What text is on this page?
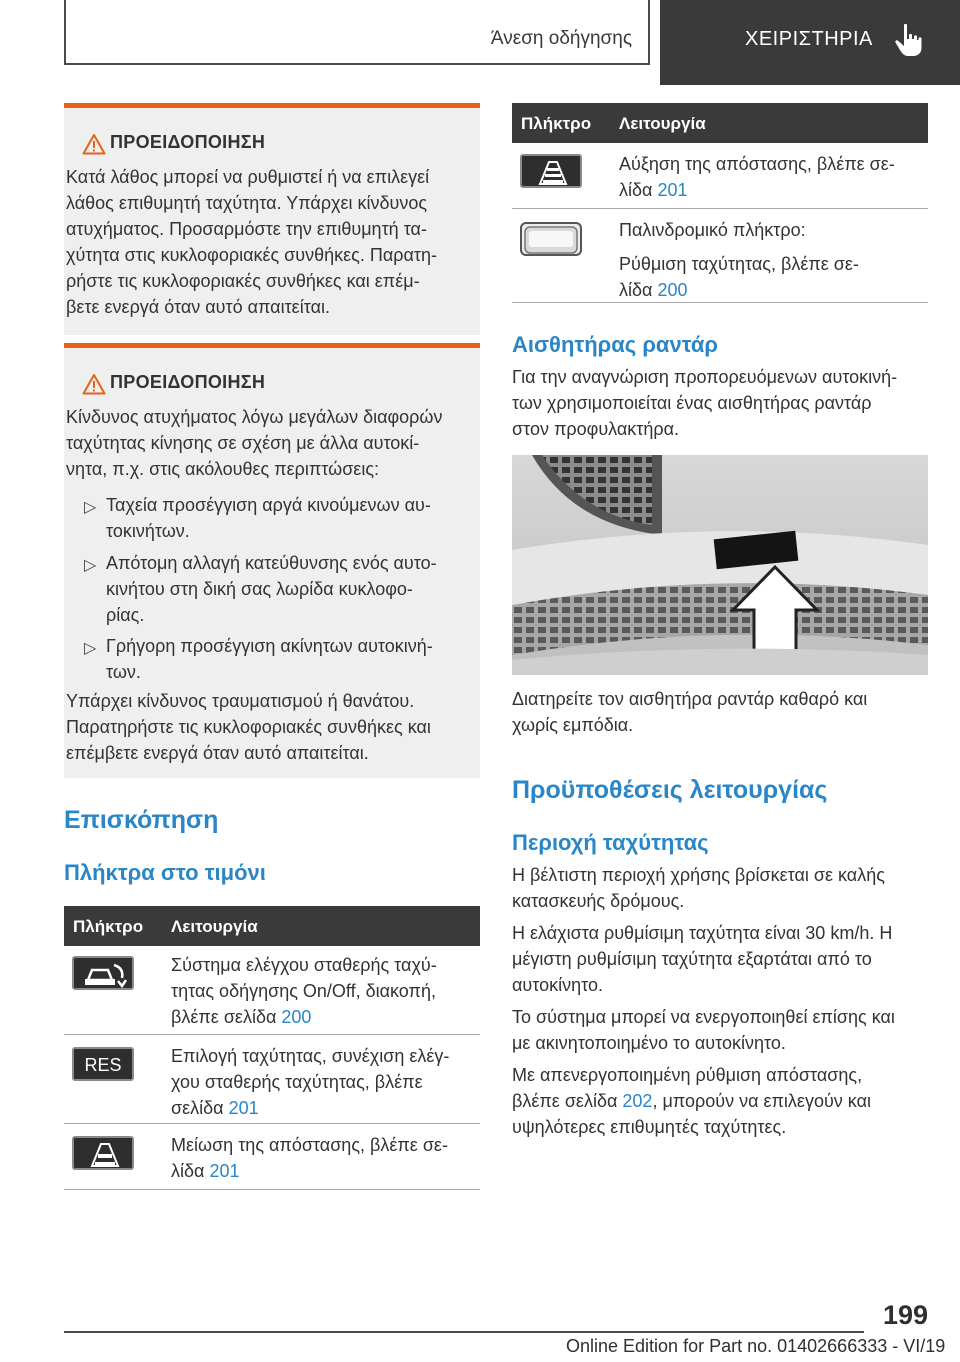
Άνεση οδήγησης	ΧΕΙΡΙΣΤΗΡΙΑ
ΠΡΟΕΙΔΟΠΟΙΗΣΗ
Κατά λάθος μπορεί να ρυθμιστεί ή να επιλεγεί
λάθος επιθυμητή ταχύτητα. Υπάρχει κίνδυνος
ατυχήματος. Προσαρμόστε την επιθυμητή τα-
χύτητα στις κυκλοφοριακές συνθήκες. Παρατη-
ρήστε τις κυκλοφοριακές συνθήκες και επέμ-
βετε ενεργά όταν αυτό απαιτείται.
ΠΡΟΕΙΔΟΠΟΙΗΣΗ
Κίνδυνος ατυχήματος λόγω μεγάλων διαφορών
ταχύτητας κίνησης σε σχέση με άλλα αυτοκί-
νητα, π.χ. στις ακόλουθες περιπτώσεις:
▷ Ταχεία προσέγγιση αργά κινούμενων αυ-
τοκινήτων.
▷ Απότομη αλλαγή κατεύθυνσης ενός αυτο-
κινήτου στη δική σας λωρίδα κυκλοφο-
ρίας.
▷ Γρήγορη προσέγγιση ακίνητων αυτοκινή-
των.
Υπάρχει κίνδυνος τραυματισμού ή θανάτου.
Παρατηρήστε τις κυκλοφοριακές συνθήκες και
επέμβετε ενεργά όταν αυτό απαιτείται.
Επισκόπηση
Πλήκτρα στο τιμόνι
Πλήκτρο Λειτουργία
Σύστημα ελέγχου σταθερής ταχύ-
τητας οδήγησης On/Off, διακοπή,
βλέπε σελίδα 200
RES	Επιλογή ταχύτητας, συνέχιση ελέγ-
χου σταθερής ταχύτητας, βλέπε
σελίδα 201
Μείωση της απόστασης, βλέπε σε-
λίδα 201
Πλήκτρο Λειτουργία
Αύξηση της απόστασης, βλέπε σε-
λίδα 201
Παλινδρομικό πλήκτρο:
Ρύθμιση ταχύτητας, βλέπε σε-
λίδα 200
Αισθητήρας ραντάρ
Για την αναγνώριση προπορευόμενων αυτοκινή-
των χρησιμοποιείται ένας αισθητήρας ραντάρ
στον προφυλακτήρα.
Διατηρείτε τον αισθητήρα ραντάρ καθαρό και
χωρίς εμπόδια.
Προϋποθέσεις λειτουργίας
Περιοχή ταχύτητας
Η βέλτιστη περιοχή χρήσης βρίσκεται σε καλής
κατασκευής δρόμους.
Η ελάχιστα ρυθμίσιμη ταχύτητα είναι 30 km/h. Η
μέγιστη ρυθμίσιμη ταχύτητα εξαρτάται από το
αυτοκίνητο.
Το σύστημα μπορεί να ενεργοποιηθεί επίσης και
με ακινητοποιημένο το αυτοκίνητο.
Με απενεργοποιημένη ρύθμιση απόστασης,
βλέπε σελίδα 202, μπορούν να επιλεγούν και
υψηλότερες επιθυμητές ταχύτητες.
199
Online Edition for Part no. 01402666333 - VI/19
